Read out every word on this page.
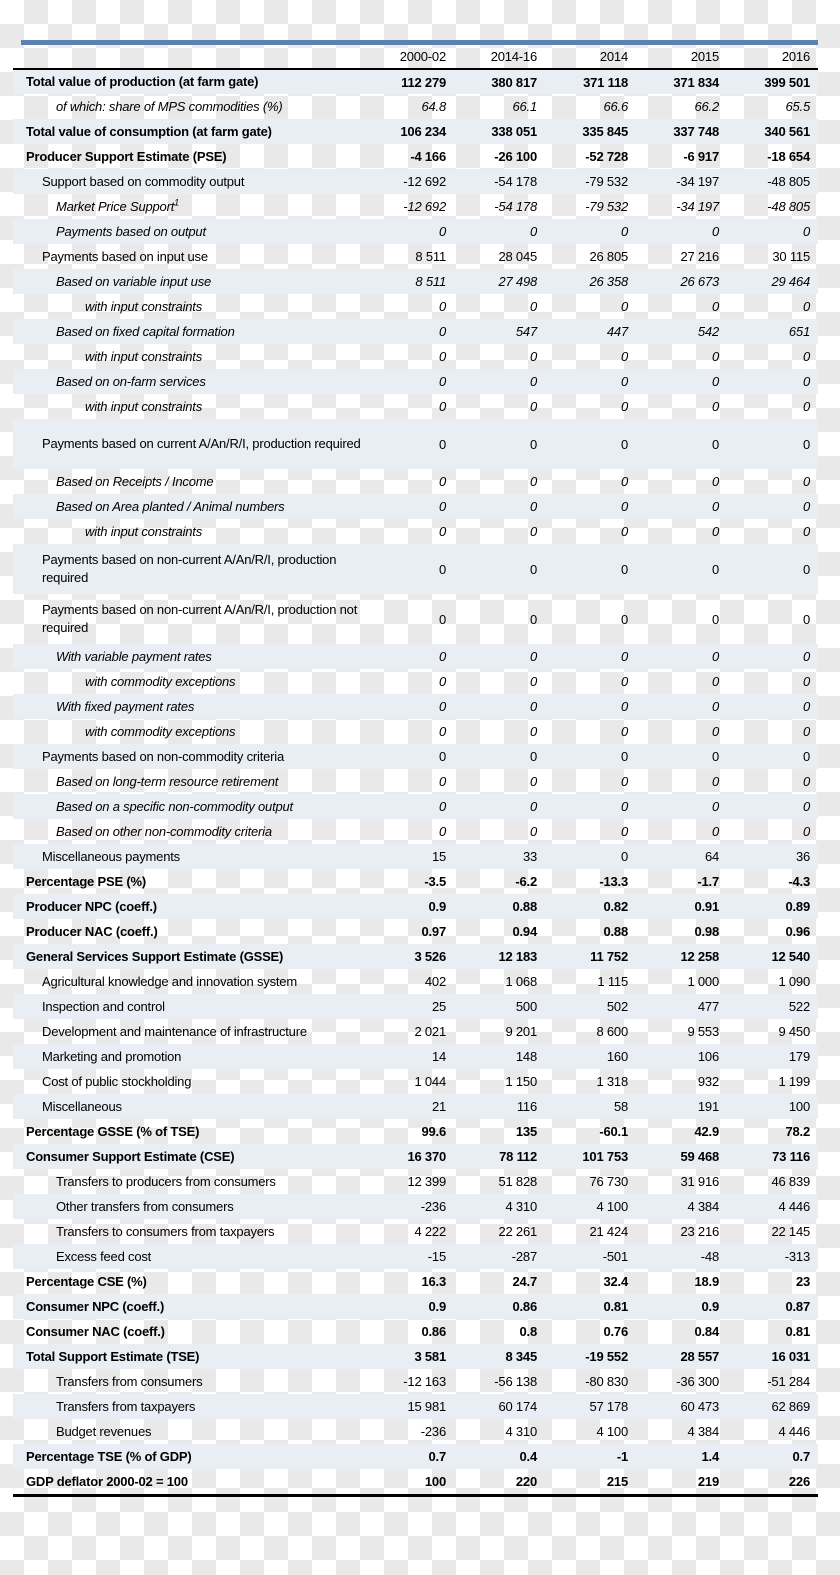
	2000-02	2014-16	2014	2015	2016
Total value of production (at farm gate)	112 279	380 817	371 118	371 834	399 501
of which: share of MPS commodities (%)	64.8	66.1	66.6	66.2	65.5
Total value of consumption (at farm gate)	106 234	338 051	335 845	337 748	340 561
Producer Support Estimate (PSE)	-4 166	-26 100	-52 728	-6 917	-18 654
Support based on commodity output	-12 692	-54 178	-79 532	-34 197	-48 805
Market Price Support$^1$	-12 692	-54 178	-79 532	-34 197	-48 805
Payments based on output	0	0	0	0	0
Payments based on input use	8 511	28 045	26 805	27 216	30 115
Based on variable input use	8 511	27 498	26 358	26 673	29 464
with input constraints	0	0	0	0	0
Based on fixed capital formation	0	547	447	542	651
with input constraints	0	0	0	0	0
Based on on-farm services	0	0	0	0	0
with input constraints	0	0	0	0	0
Payments based on current A/An/R/I, production required	0	0	0	0	0
Based on Receipts / Income	0	0	0	0	0
Based on Area planted / Animal numbers	0	0	0	0	0
with input constraints	0	0	0	0	0
Payments based on non-current A/An/R/I, production required	0	0	0	0	0
Payments based on non-current A/An/R/I, production not required	0	0	0	0	0
With variable payment rates	0	0	0	0	0
with commodity exceptions	0	0	0	0	0
With fixed payment rates	0	0	0	0	0
with commodity exceptions	0	0	0	0	0
Payments based on non-commodity criteria	0	0	0	0	0
Based on long-term resource retirement	0	0	0	0	0
Based on a specific non-commodity output	0	0	0	0	0
Based on other non-commodity criteria	0	0	0	0	0
Miscellaneous payments	15	33	0	64	36
Percentage PSE (%)	-3.5	-6.2	-13.3	-1.7	-4.3
Producer NPC (coeff.)	0.9	0.88	0.82	0.91	0.89
Producer NAC (coeff.)	0.97	0.94	0.88	0.98	0.96
General Services Support Estimate (GSSE)	3 526	12 183	11 752	12 258	12 540
Agricultural knowledge and innovation system	402	1 068	1 115	1 000	1 090
Inspection and control	25	500	502	477	522
Development and maintenance of infrastructure	2 021	9 201	8 600	9 553	9 450
Marketing and promotion	14	148	160	106	179
Cost of public stockholding	1 044	1 150	1 318	932	1 199
Miscellaneous	21	116	58	191	100
Percentage GSSE (% of TSE)	99.6	135	-60.1	42.9	78.2
Consumer Support Estimate (CSE)	16 370	78 112	101 753	59 468	73 116
Transfers to producers from consumers	12 399	51 828	76 730	31 916	46 839
Other transfers from consumers	-236	4 310	4 100	4 384	4 446
Transfers to consumers from taxpayers	4 222	22 261	21 424	23 216	22 145
Excess feed cost	-15	-287	-501	-48	-313
Percentage CSE (%)	16.3	24.7	32.4	18.9	23
Consumer NPC (coeff.)	0.9	0.86	0.81	0.9	0.87
Consumer NAC (coeff.)	0.86	0.8	0.76	0.84	0.81
Total Support Estimate (TSE)	3 581	8 345	-19 552	28 557	16 031
Transfers from consumers	-12 163	-56 138	-80 830	-36 300	-51 284
Transfers from taxpayers	15 981	60 174	57 178	60 473	62 869
Budget revenues	-236	4 310	4 100	4 384	4 446
Percentage TSE (% of GDP)	0.7	0.4	-1	1.4	0.7
GDP deflator 2000-02 = 100	100	220	215	219	226
